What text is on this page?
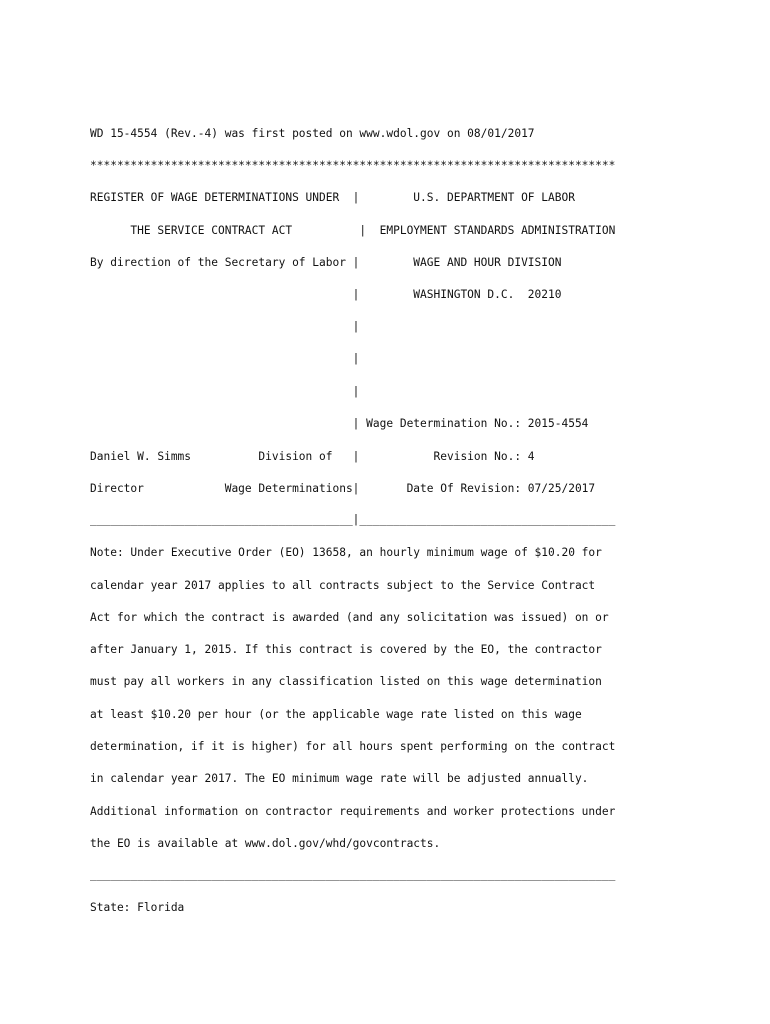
WD 15-4554 (Rev.-4) was first posted on www.wdol.gov on 08/01/2017

******************************************************************************

REGISTER OF WAGE DETERMINATIONS UNDER  |        U.S. DEPARTMENT OF LABOR

THE SERVICE CONTRACT ACT          |  EMPLOYMENT STANDARDS ADMINISTRATION

By direction of the Secretary of Labor |        WAGE AND HOUR DIVISION

|        WASHINGTON D.C.  20210

|

|

|

| Wage Determination No.: 2015-4554

Daniel W. Simms          Division of   |           Revision No.: 4

Director            Wage Determinations|       Date Of Revision: 07/25/2017

_______________________________________|______________________________________

Note: Under Executive Order (EO) 13658, an hourly minimum wage of $10.20 for

calendar year 2017 applies to all contracts subject to the Service Contract

Act for which the contract is awarded (and any solicitation was issued) on or

after January 1, 2015. If this contract is covered by the EO, the contractor

must pay all workers in any classification listed on this wage determination

at least $10.20 per hour (or the applicable wage rate listed on this wage

determination, if it is higher) for all hours spent performing on the contract

in calendar year 2017. The EO minimum wage rate will be adjusted annually.

Additional information on contractor requirements and worker protections under

the EO is available at www.dol.gov/whd/govcontracts.

______________________________________________________________________________

State: Florida
